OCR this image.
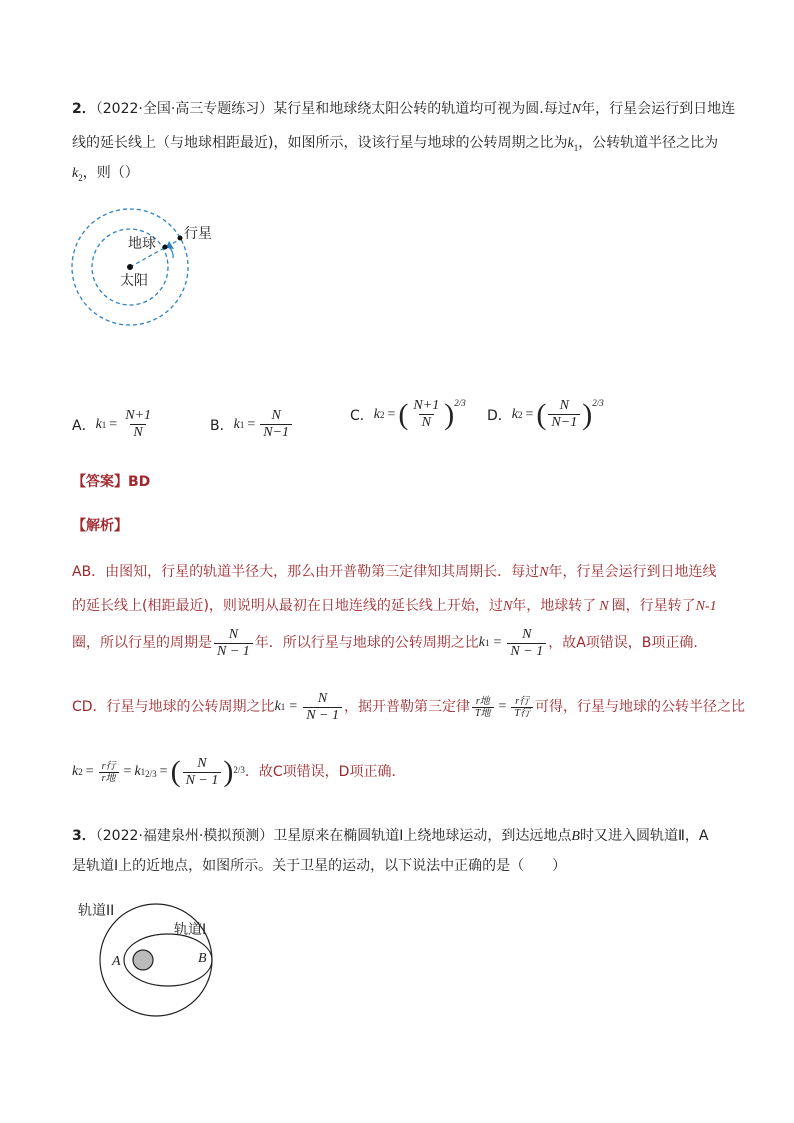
2．（2022·全国·高三专题练习）某行星和地球绕太阳公转的轨道均可视为圆.每过N年，行星会运行到日地连
线的延长线上（与地球相距最近)，如图所示，设该行星与地球的公转周期之比为$k_1$，公转轨道半径之比为
$k_2$，则（）
行星
地球
太阳
A． k $1 = \frac{N+1}{N}$	B． k $1 = \frac{N}{N-1}$	C． k 2 = ( $\frac{N+1}{N} )^{2/3}$
D． k 2 = ( $\frac{N}{N-1} )^{2/3}$
【答案】BD
【解析】
AB．由图知，行星的轨道半径大，那么由开普勒第三定律知其周期长．每过N年，行星会运行到日地连线
的延长线上(相距最近)，则说明从最初在日地连线的延长线上开始，过N年，地球转了 N 圈，行星转了N-1
圈，所以行星的周期是 $\frac{N}{N - 1}$ 年．所以行星与地球的公转周期之比 k $1 = \frac{N}{N - 1}$ ，故A项错误，B项正确．
CD．行星与地球的公转周期之比 k $1 = \frac{N}{N - 1}$ ，据开普勒第三定律 $\frac{\text{r地}}{\text{T地}} = \frac{\text{r行}}{\text{T行}}$ 可得，行星与地球的公转半径之比
k $2 = \frac{\text{r行}}{\text{r地}} = k$ 1 2/3 = ( $\frac{N}{N - 1}$ ) 2/3 ．故C项错误，D项正确．
3．（2022·福建泉州·模拟预测）卫星原来在椭圆轨道Ⅰ上绕地球运动，到达远地点B时又进入圆轨道Ⅱ，A
是轨道Ⅰ上的近地点，如图所示。关于卫星的运动，以下说法中正确的是（　　）
轨道II
轨道I
A	B
